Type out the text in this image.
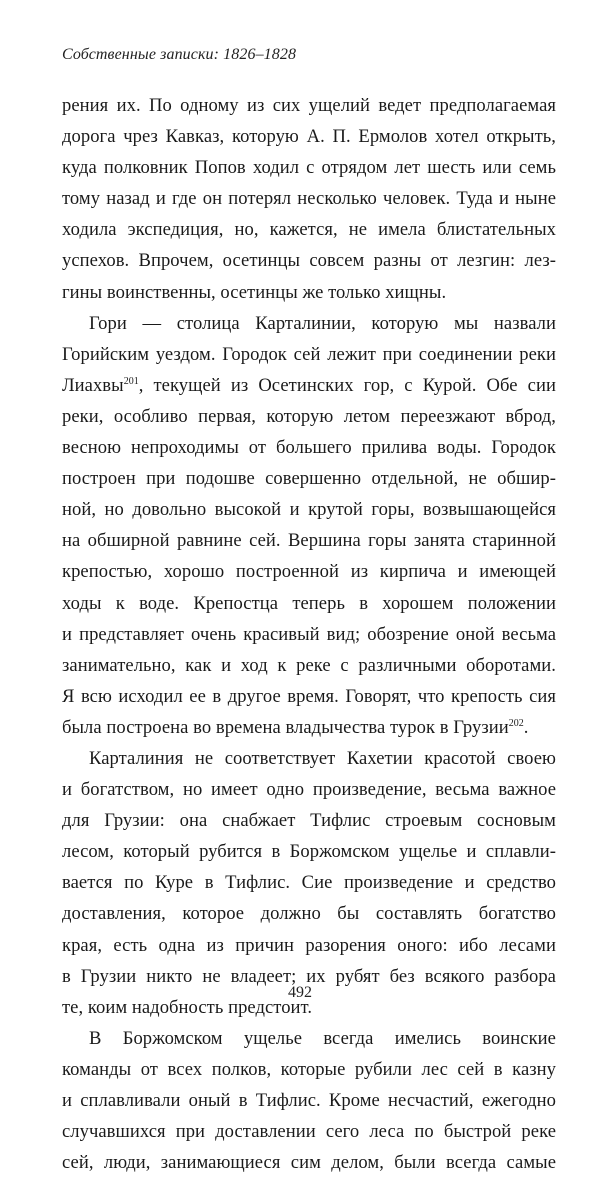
Собственные записки: 1826–1828

рения их. По одному из сих ущелий ведет предполагаемая
дорога чрез Кавказ, которую А. П. Ермолов хотел открыть,
куда полковник Попов ходил с отрядом лет шесть или семь
тому назад и где он потерял несколько человек. Туда и ныне
ходила экспедиция, но, кажется, не имела блистательных
успехов. Впрочем, осетинцы совсем разны от лезгин: лез-
гины воинственны, осетинцы же только хищны.

Гори — столица Карталинии, которую мы назвали
Горийским уездом. Городок сей лежит при соединении реки
Лиахвы$^{201}$, текущей из Осетинских гор, с Курой. Обе сии
реки, особливо первая, которую летом переезжают вброд,
весною непроходимы от большего прилива воды. Городок
построен при подошве совершенно отдельной, не обшир-
ной, но довольно высокой и крутой горы, возвышающейся
на обширной равнине сей. Вершина горы занята старинной
крепостью, хорошо построенной из кирпича и имеющей
ходы к воде. Крепостца теперь в хорошем положении
и представляет очень красивый вид; обозрение оной весьма
занимательно, как и ход к реке с различными оборотами.
Я всю исходил ее в другое время. Говорят, что крепость сия
была построена во времена владычества турок в Грузии$^{202}$.

Карталиния не соответствует Кахетии красотой своею
и богатством, но имеет одно произведение, весьма важное
для Грузии: она снабжает Тифлис строевым сосновым
лесом, который рубится в Боржомском ущелье и сплавли-
вается по Куре в Тифлис. Сие произведение и средство
доставления, которое должно бы составлять богатство
края, есть одна из причин разорения оного: ибо лесами
в Грузии никто не владеет; их рубят без всякого разбора
те, коим надобность предстоит.

В Боржомском ущелье всегда имелись воинские
команды от всех полков, которые рубили лес сей в казну
и сплавливали оный в Тифлис. Кроме несчастий, ежегодно
случавшихся при доставлении сего леса по быстрой реке
сей, люди, занимающиеся сим делом, были всегда самые

492
